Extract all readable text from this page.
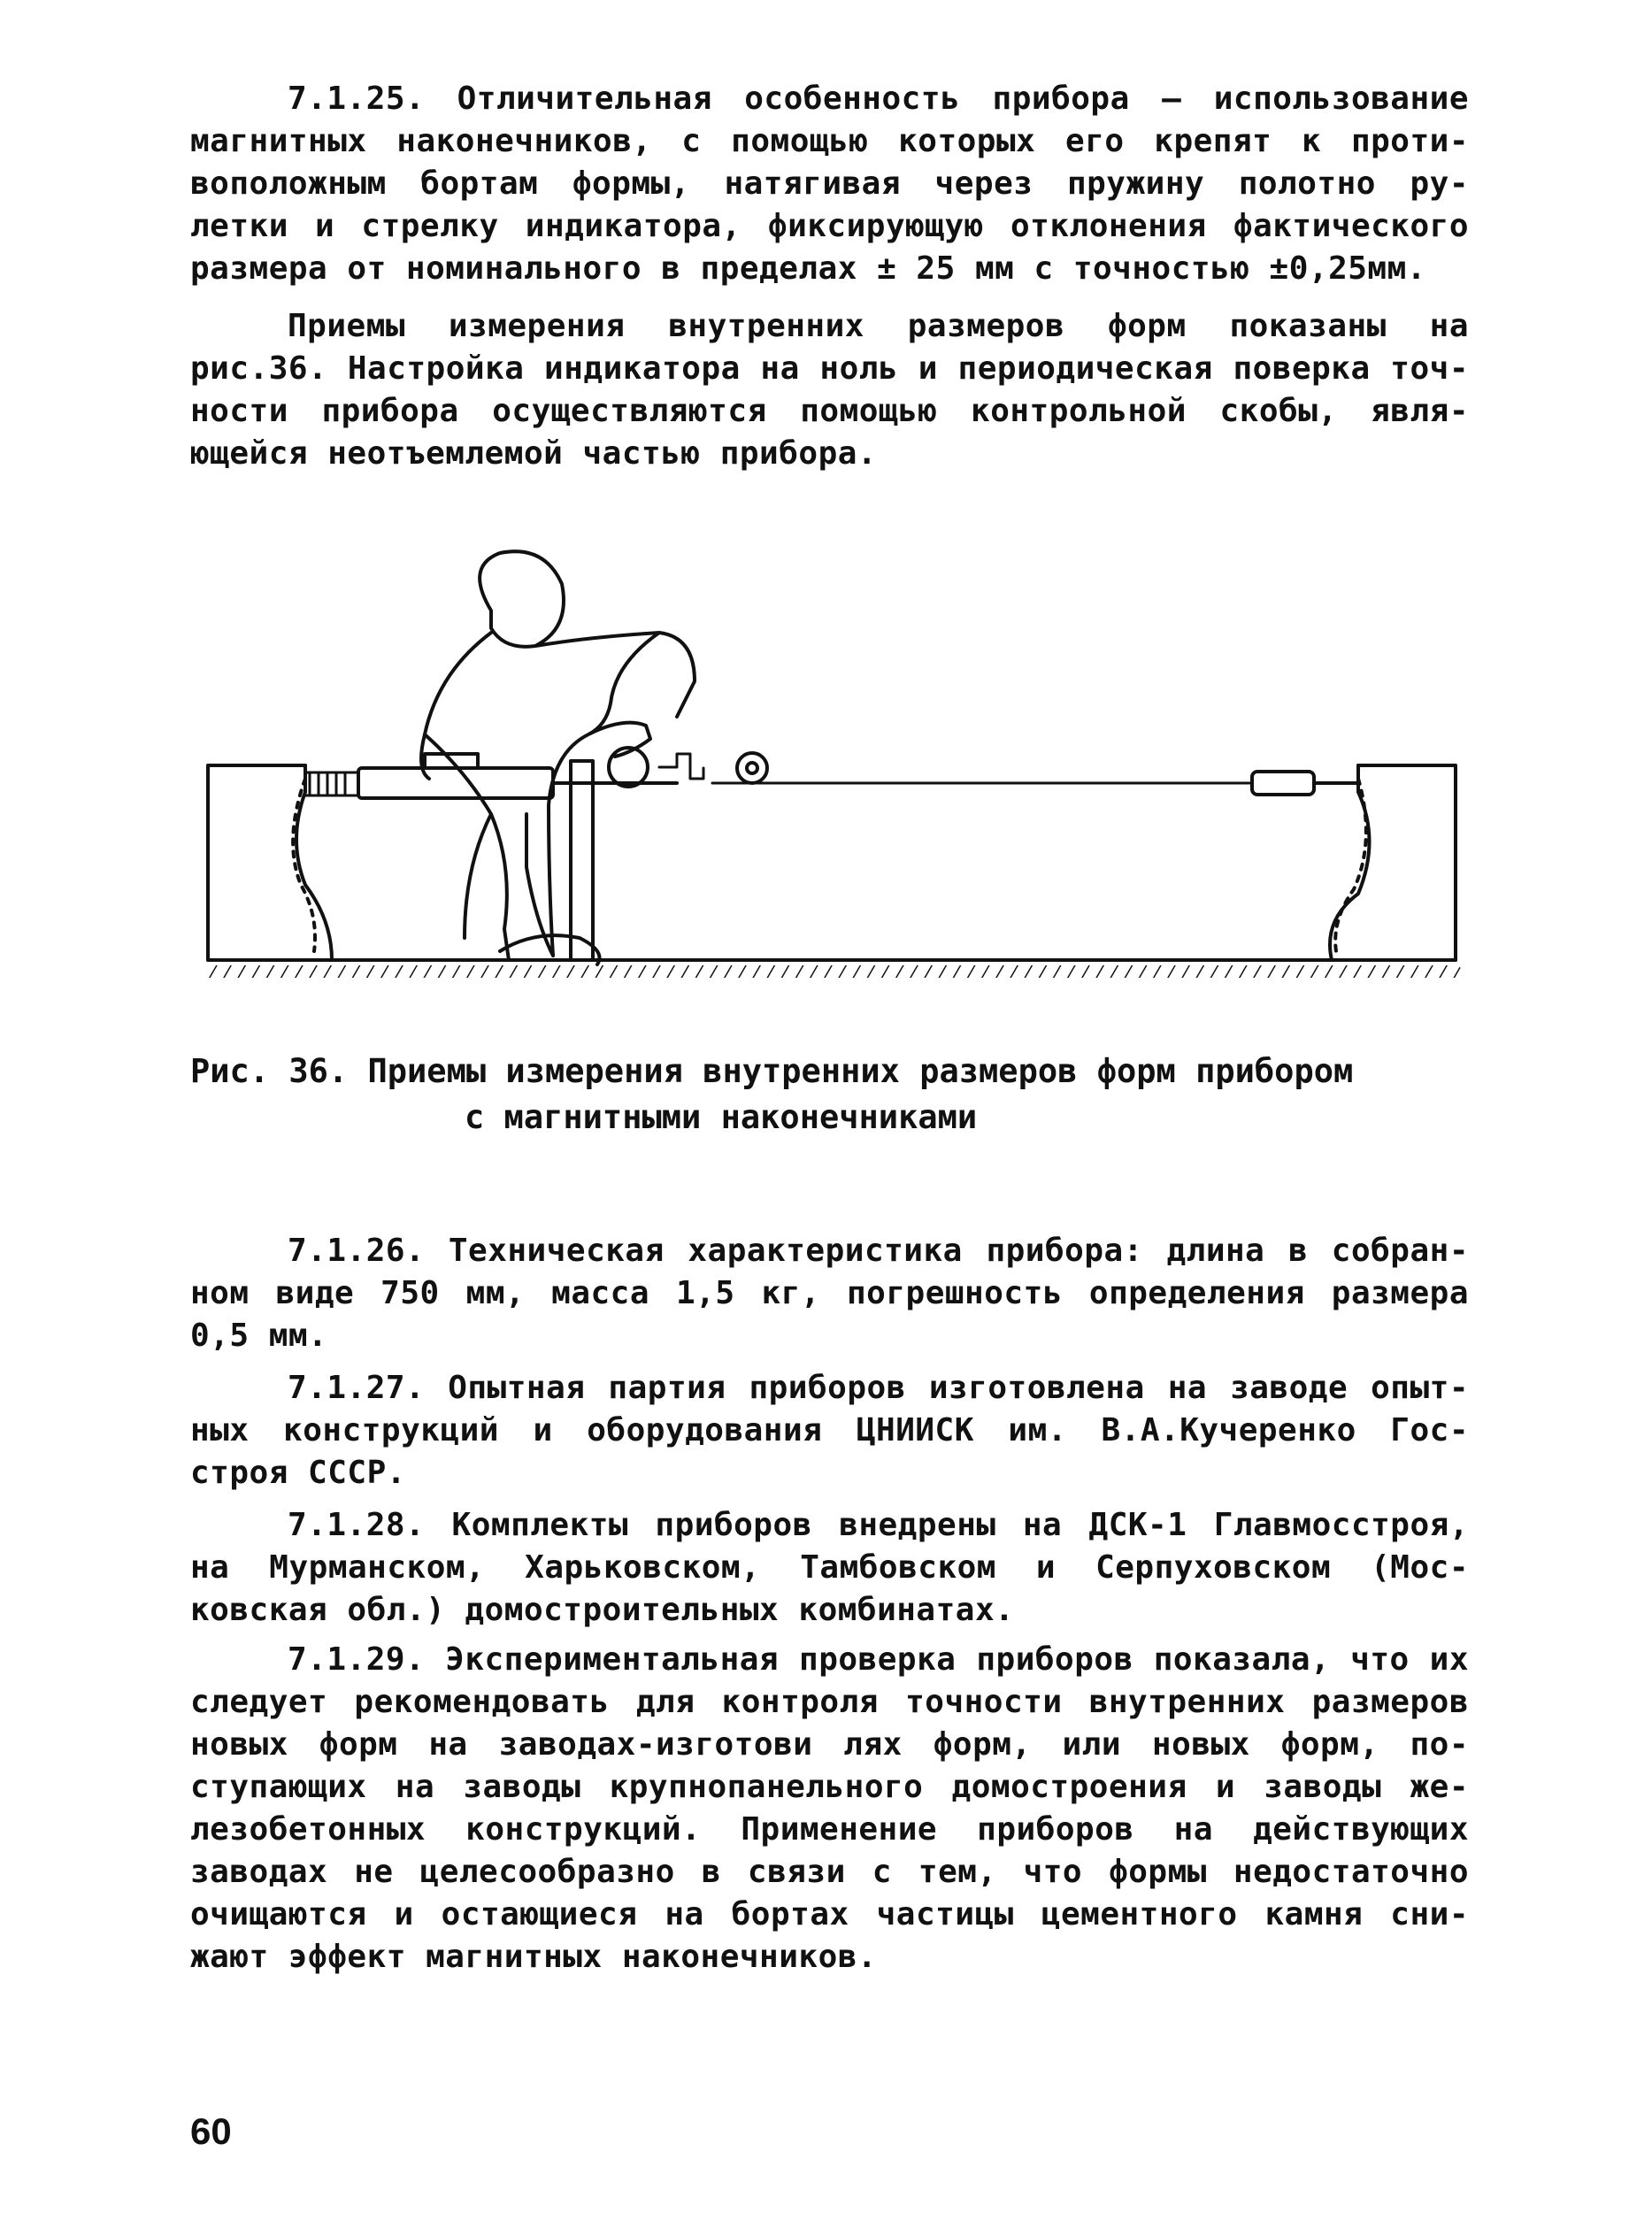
7.1.25. Отличительная особенность прибора – использование
магнитных наконечников, с помощью которых его крепят к проти-
воположным бортам формы, натягивая через пружину полотно ру-
летки и стрелку индикатора, фиксирующую отклонения фактического
размера от номинального в пределах ± 25 мм с точностью ±0,25мм.
Приемы измерения внутренних размеров форм показаны на
рис.36. Настройка индикатора на ноль и периодическая поверка точ-
ности прибора осуществляются помощью контрольной скобы, явля-
ющейся неотъемлемой частью прибора.
Рис. 36. Приемы измерения внутренних размеров форм прибором
с магнитными наконечниками
7.1.26. Техническая характеристика прибора: длина в собран-
ном виде 750 мм, масса 1,5 кг, погрешность определения размера
0,5 мм.
7.1.27. Опытная партия приборов изготовлена на заводе опыт-
ных конструкций и оборудования ЦНИИСК им. В.А.Кучеренко Гос-
строя СССР.
7.1.28. Комплекты приборов внедрены на ДСК-1 Главмосстроя,
на Мурманском, Харьковском, Тамбовском и Серпуховском (Мос-
ковская обл.) домостроительных комбинатах.
7.1.29. Экспериментальная проверка приборов показала, что их
следует рекомендовать для контроля точности внутренних размеров
новых форм на заводах-изготови лях форм, или новых форм, по-
ступающих на заводы крупнопанельного домостроения и заводы же-
лезобетонных конструкций. Применение приборов на действующих
заводах не целесообразно в связи с тем, что формы недостаточно
очищаются и остающиеся на бортах частицы цементного камня сни-
жают эффект магнитных наконечников.
60
